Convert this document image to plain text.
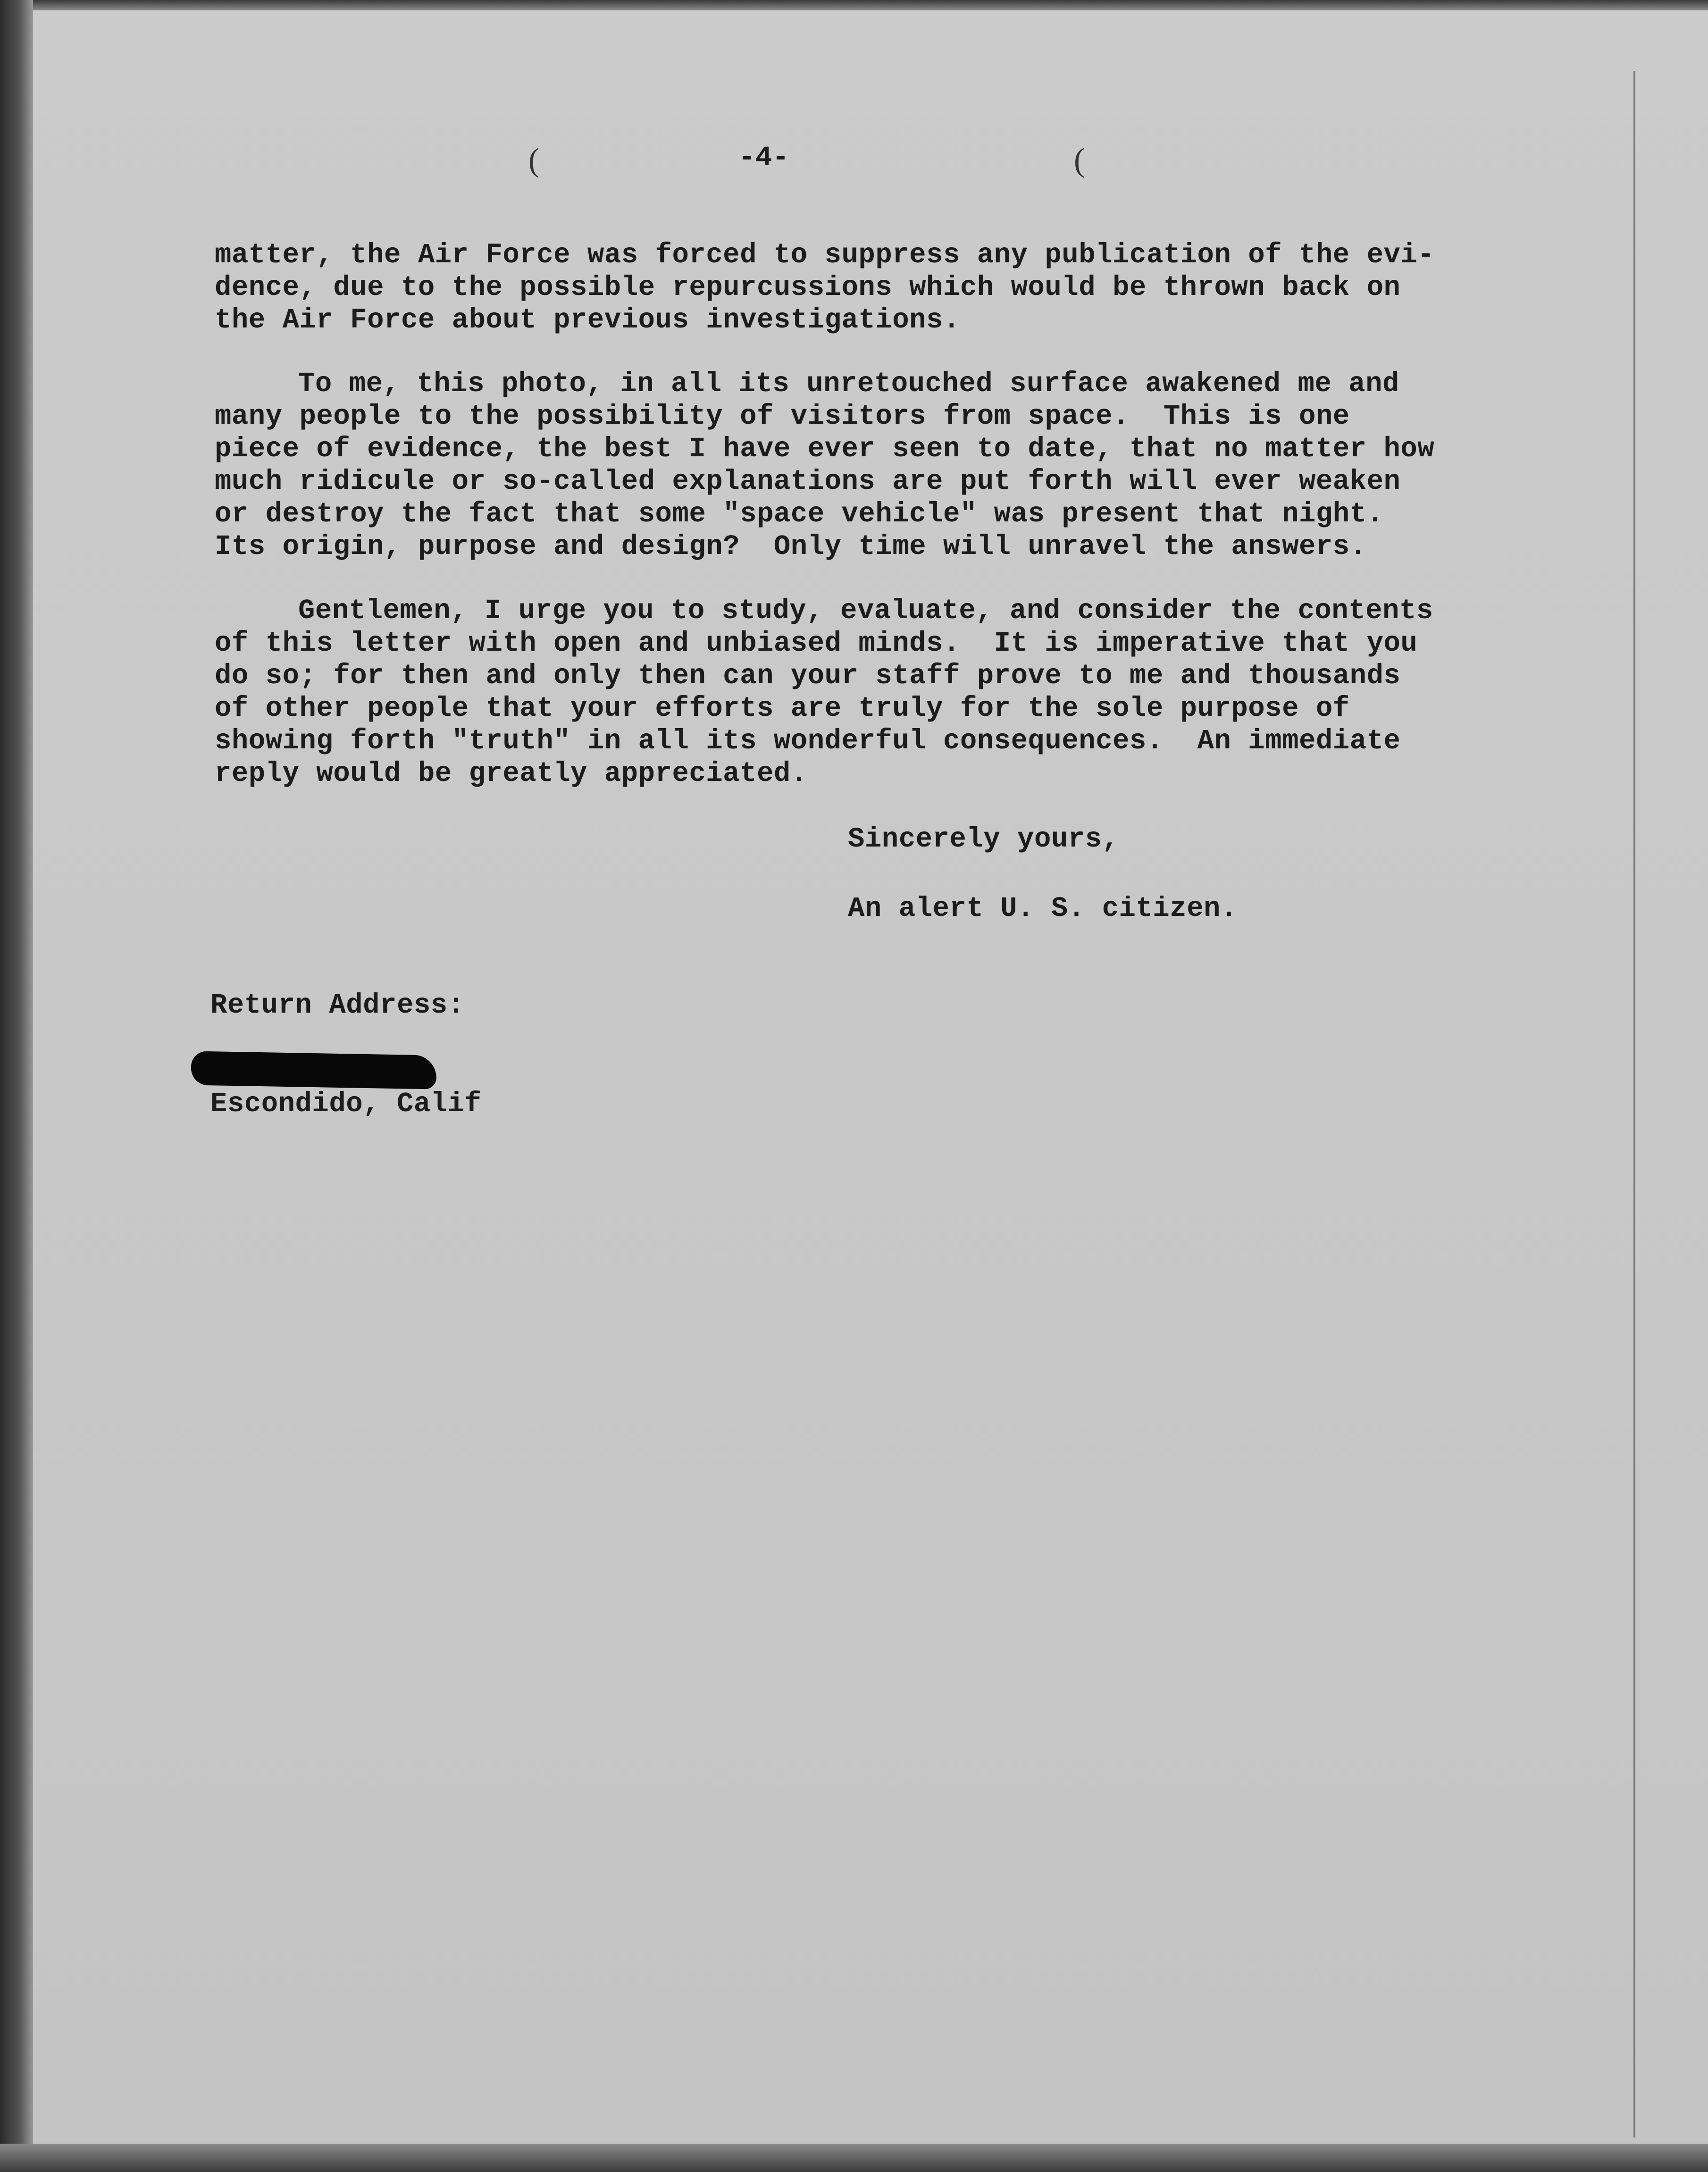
(	(
-4-
matter, the Air Force was forced to suppress any publication of the evi-
dence, due to the possible repurcussions which would be thrown back on
the Air Force about previous investigations.
To me, this photo, in all its unretouched surface awakened me and
many people to the possibility of visitors from space.  This is one
piece of evidence, the best I have ever seen to date, that no matter how
much ridicule or so-called explanations are put forth will ever weaken
or destroy the fact that some "space vehicle" was present that night.
Its origin, purpose and design?  Only time will unravel the answers.
Gentlemen, I urge you to study, evaluate, and consider the contents
of this letter with open and unbiased minds.  It is imperative that you
do so; for then and only then can your staff prove to me and thousands
of other people that your efforts are truly for the sole purpose of
showing forth "truth" in all its wonderful consequences.  An immediate
reply would be greatly appreciated.
Sincerely yours,
An alert U. S. citizen.
Return Address:
Escondido, Calif
